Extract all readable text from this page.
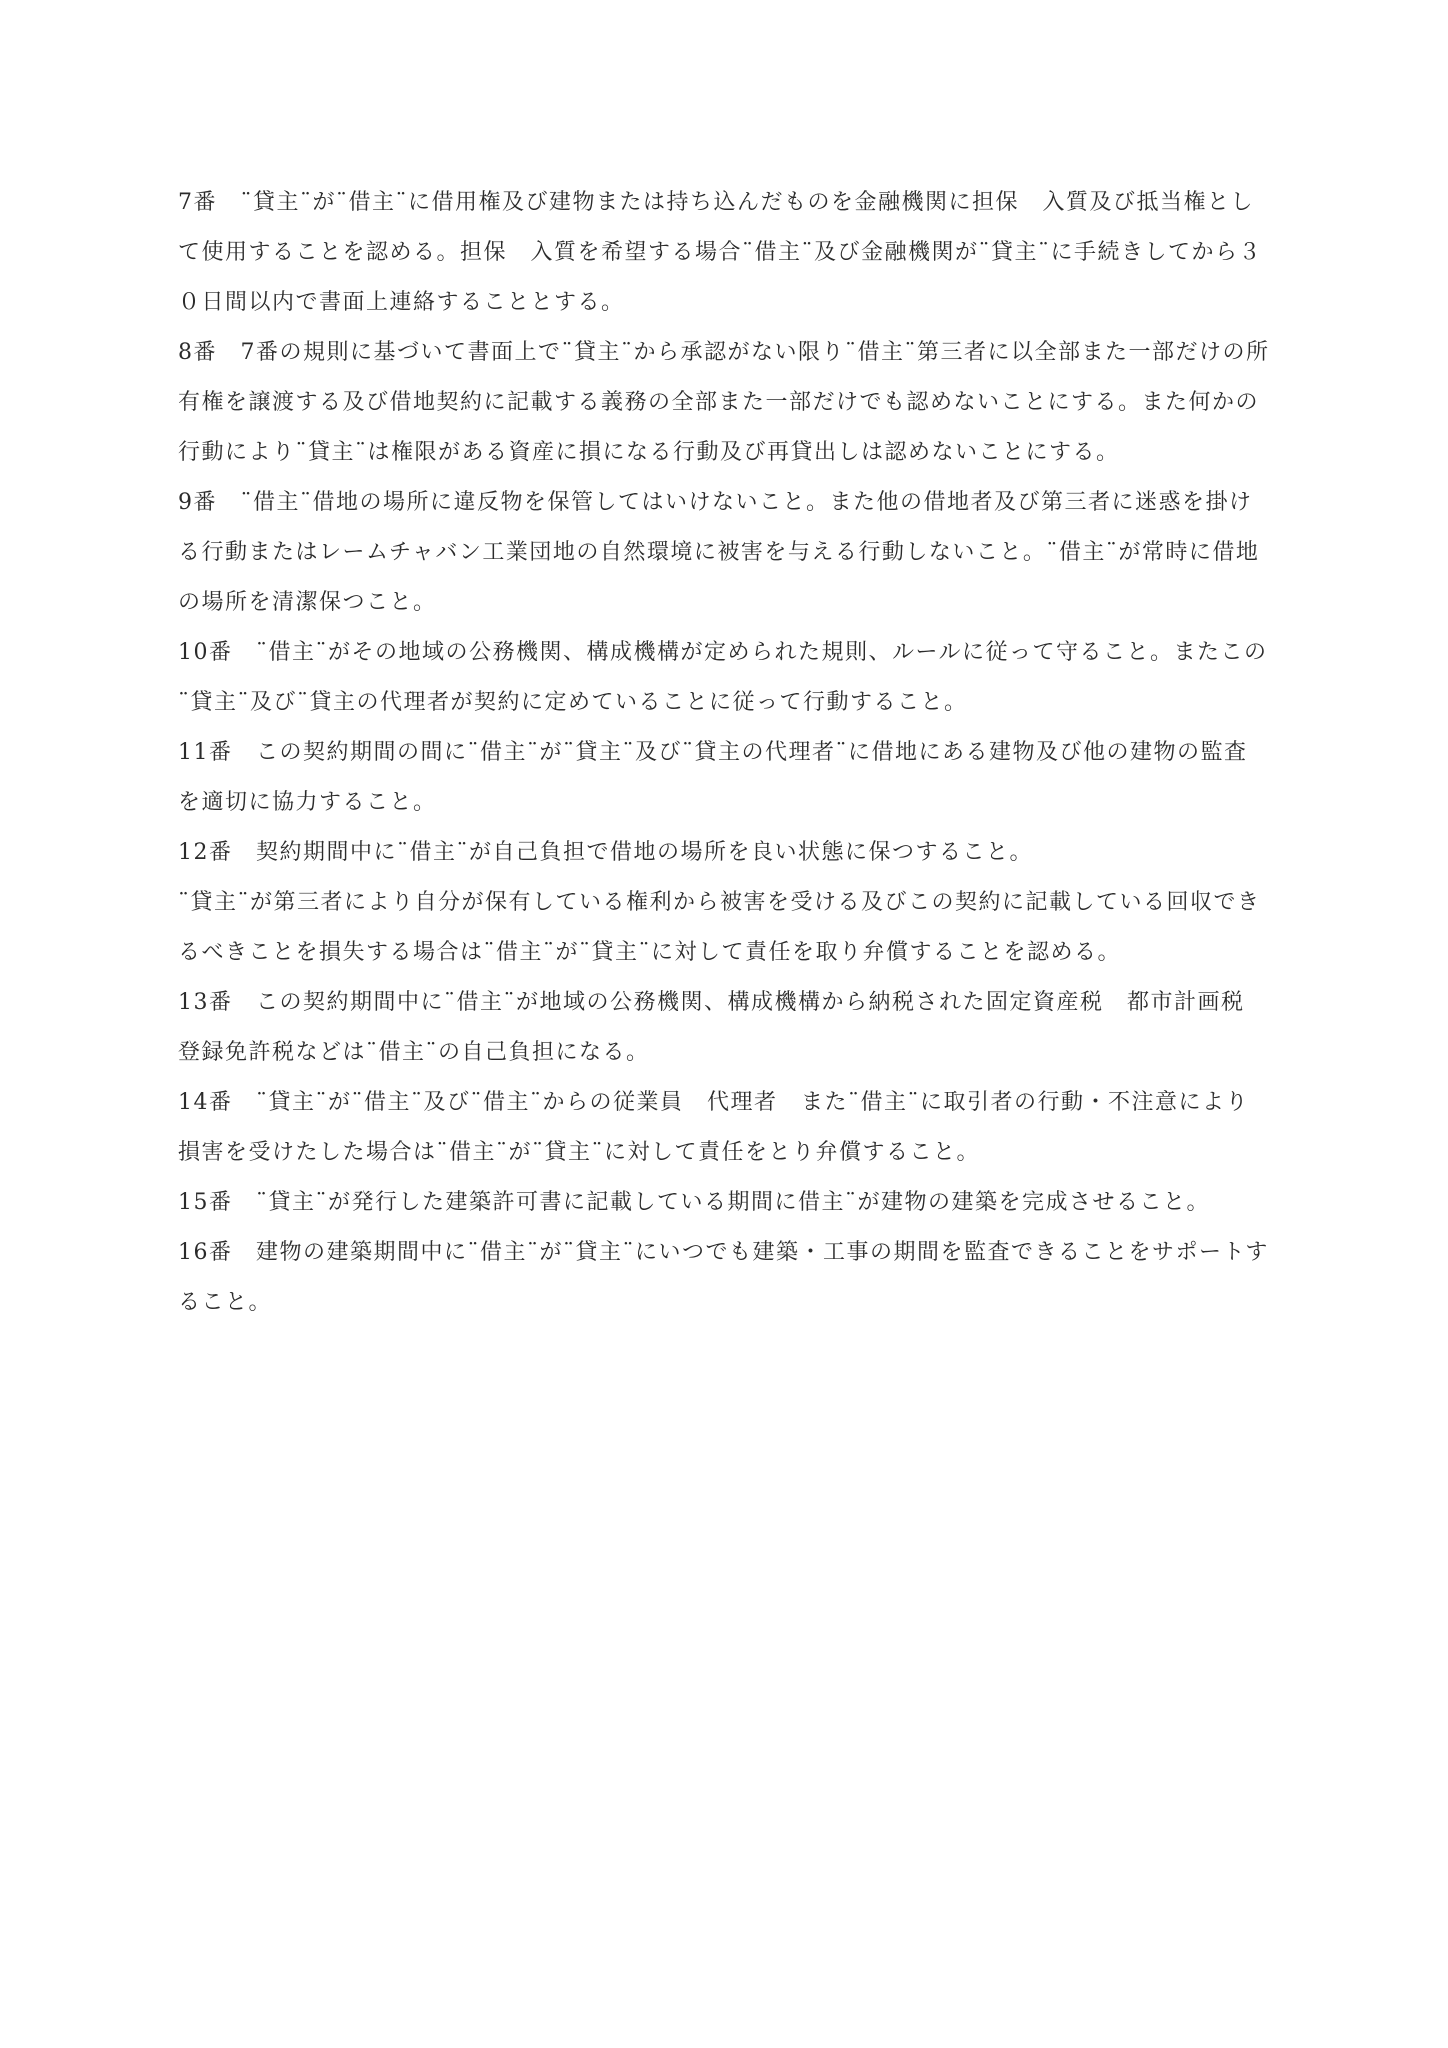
7番　¨貸主¨が¨借主¨に借用権及び建物または持ち込んだものを金融機関に担保　入質及び抵当権として使用することを認める。担保　入質を希望する場合¨借主¨及び金融機関が¨貸主¨に手続きしてから３０日間以内で書面上連絡することとする。

8番　7番の規則に基づいて書面上で¨貸主¨から承認がない限り¨借主¨第三者に以全部また一部だけの所有権を譲渡する及び借地契約に記載する義務の全部また一部だけでも認めないことにする。また何かの行動により¨貸主¨は権限がある資産に損になる行動及び再貸出しは認めないことにする。

9番　¨借主¨借地の場所に違反物を保管してはいけないこと。また他の借地者及び第三者に迷惑を掛ける行動またはレームチャバン工業団地の自然環境に被害を与える行動しないこと。¨借主¨が常時に借地の場所を清潔保つこと。

10番　¨借主¨がその地域の公務機関、構成機構が定められた規則、ルールに従って守ること。またこの¨貸主¨及び¨貸主の代理者が契約に定めていることに従って行動すること。

11番　この契約期間の間に¨借主¨が¨貸主¨及び¨貸主の代理者¨に借地にある建物及び他の建物の監査を適切に協力すること。

12番　契約期間中に¨借主¨が自己負担で借地の場所を良い状態に保つすること。

¨貸主¨が第三者により自分が保有している権利から被害を受ける及びこの契約に記載している回収できるべきことを損失する場合は¨借主¨が¨貸主¨に対して責任を取り弁償することを認める。

13番　この契約期間中に¨借主¨が地域の公務機関、構成機構から納税された固定資産税　都市計画税　登録免許税などは¨借主¨の自己負担になる。

14番　¨貸主¨が¨借主¨及び¨借主¨からの従業員　代理者　また¨借主¨に取引者の行動・不注意により損害を受けたした場合は¨借主¨が¨貸主¨に対して責任をとり弁償すること。

15番　¨貸主¨が発行した建築許可書に記載している期間に借主¨が建物の建築を完成させること。

16番　建物の建築期間中に¨借主¨が¨貸主¨にいつでも建築・工事の期間を監査できることをサポートすること。
